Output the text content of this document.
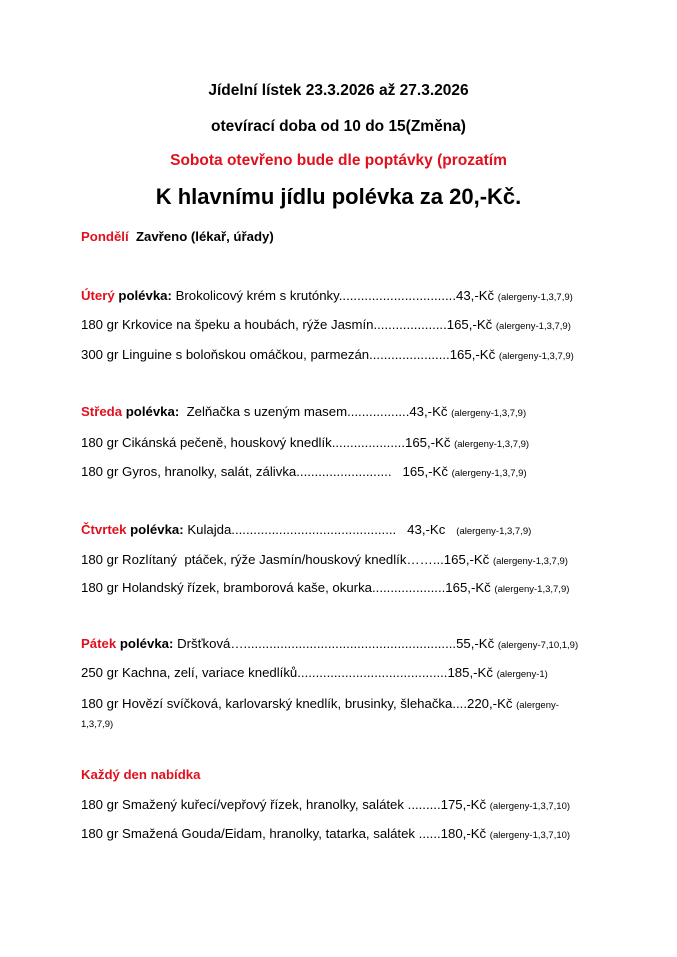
Jídelní lístek 23.3.2026 až 27.3.2026
otevírací doba od 10 do 15(Změna)
Sobota otevřeno bude dle poptávky (prozatím
K hlavnímu jídlu polévka za 20,-Kč.
Pondělí Zavřeno (lékař, úřady)
Úterý polévka: Brokolicový krém s krutónky................................43,-Kč (alergeny-1,3,7,9)
180 gr Krkovice na špeku a houbách, rýže Jasmín....................165,-Kč (alergeny-1,3,7,9)
300 gr Linguine s boloňskou omáčkou, parmezán......................165,-Kč (alergeny-1,3,7,9)
Středa polévka: Zelňačka s uzeným masem.................43,-Kč (alergeny-1,3,7,9)
180 gr Cikánská pečeně, houskový knedlík....................165,-Kč (alergeny-1,3,7,9)
180 gr Gyros, hranolky, salát, zálivka..........................   165,-Kč (alergeny-1,3,7,9)
Čtvrtek polévka: Kulajda.............................................   43,-Kc (alergeny-1,3,7,9)
180 gr Rozlítaný  ptáček, rýže Jasmín/houskový knedlík……...165,-Kč (alergeny-1,3,7,9)
180 gr Holandský řízek, bramborová kaše, okurka....................165,-Kč (alergeny-1,3,7,9)
Pátek polévka: Dršťková…..........................................................55,-Kč (alergeny-7,10,1,9)
250 gr Kachna, zelí, variace knedlíků.........................................185,-Kč (alergeny-1)
180 gr Hovězí svíčková, karlovarský knedlík, brusinky, šlehačka....220,-Kč (alergeny-1,3,7,9)
Každý den nabídka
180 gr Smažený kuřecí/vepřový řízek, hranolky, salátek .........175,-Kč (alergeny-1,3,7,10)
180 gr Smažená Gouda/Eidam, hranolky, tatarka, salátek ......180,-Kč (alergeny-1,3,7,10)
